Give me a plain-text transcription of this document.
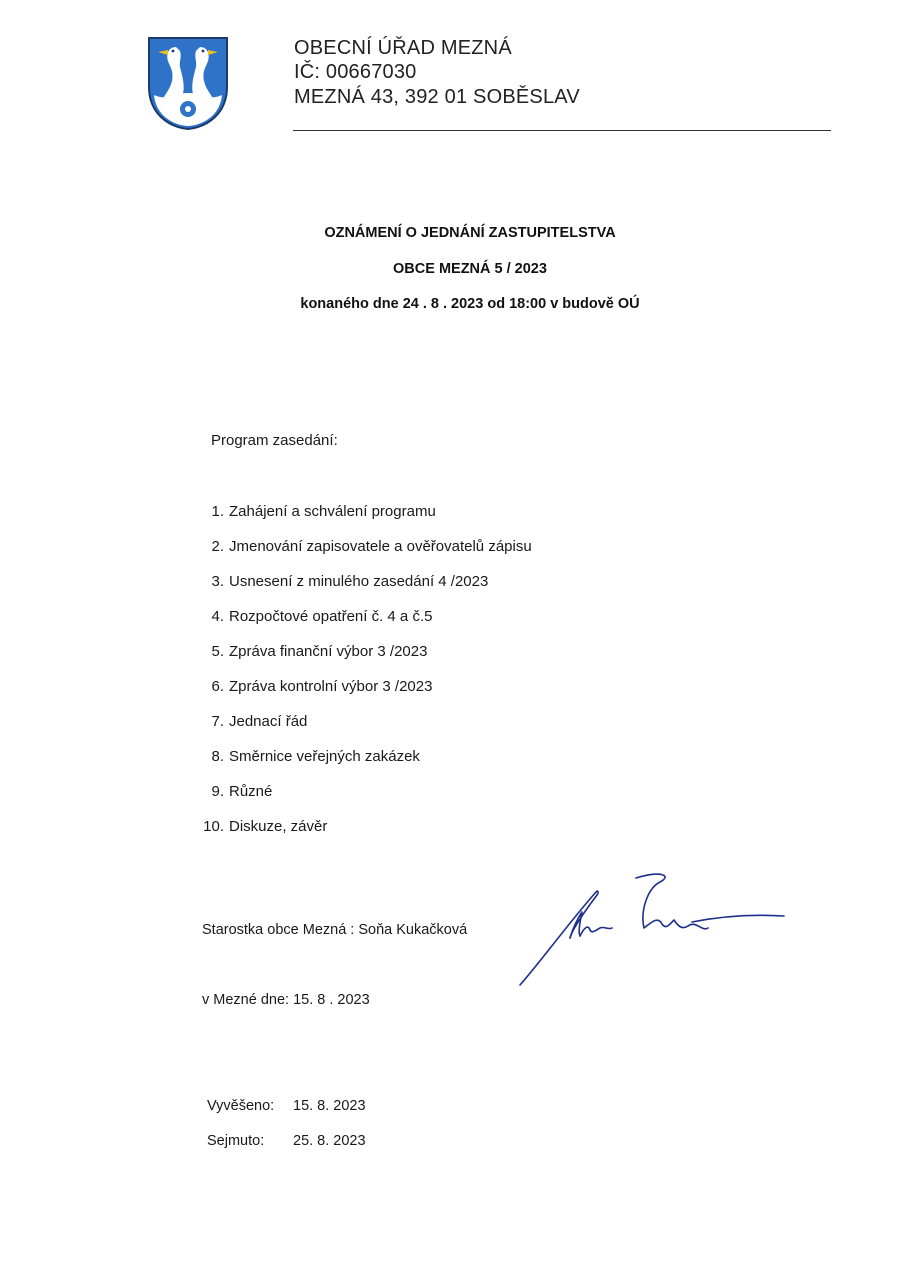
OBECNÍ ÚŘAD MEZNÁ
IČ: 00667030
MEZNÁ 43, 392 01 SOBĚSLAV
OZNÁMENÍ O JEDNÁNÍ ZASTUPITELSTVA
OBCE MEZNÁ 5 / 2023
konaného dne 24 . 8 . 2023 od 18:00 v budově OÚ
Program zasedání:
1. Zahájení a schválení programu
2. Jmenování zapisovatele a ověřovatelů zápisu
3. Usnesení z minulého zasedání 4 /2023
4. Rozpočtové opatření č. 4 a č.5
5. Zpráva finanční výbor 3 /2023
6. Zpráva kontrolní výbor 3 /2023
7. Jednací řád
8. Směrnice veřejných zakázek
9. Různé
10. Diskuze, závěr
Starostka obce Mezná : Soňa Kukačková
v Mezné dne: 15. 8 . 2023
Vyvěšeno: 15. 8. 2023
Sejmuto: 25. 8. 2023
